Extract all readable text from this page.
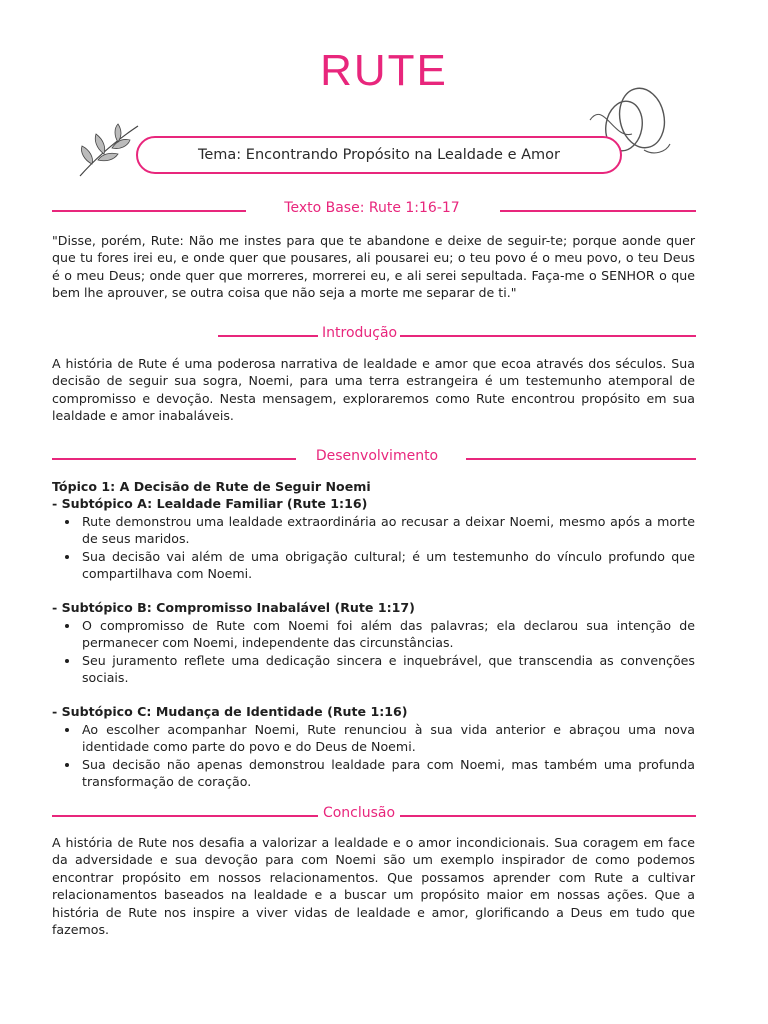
RUTE
Tema: Encontrando Propósito na Lealdade e Amor
Texto Base: Rute 1:16-17
"Disse, porém, Rute: Não me instes para que te abandone e deixe de seguir-te; porque aonde quer que tu fores irei eu, e onde quer que pousares, ali pousarei eu; o teu povo é o meu povo, o teu Deus é o meu Deus; onde quer que morreres, morrerei eu, e ali serei sepultada. Faça-me o SENHOR o que bem lhe aprouver, se outra coisa que não seja a morte me separar de ti."
Introdução
A história de Rute é uma poderosa narrativa de lealdade e amor que ecoa através dos séculos. Sua decisão de seguir sua sogra, Noemi, para uma terra estrangeira é um testemunho atemporal de compromisso e devoção. Nesta mensagem, exploraremos como Rute encontrou propósito em sua lealdade e amor inabaláveis.
Desenvolvimento
Tópico 1: A Decisão de Rute de Seguir Noemi
- Subtópico A: Lealdade Familiar (Rute 1:16)
• Rute demonstrou uma lealdade extraordinária ao recusar a deixar Noemi, mesmo após a morte de seus maridos.
• Sua decisão vai além de uma obrigação cultural; é um testemunho do vínculo profundo que compartilhava com Noemi.
- Subtópico B: Compromisso Inabalável (Rute 1:17)
• O compromisso de Rute com Noemi foi além das palavras; ela declarou sua intenção de permanecer com Noemi, independente das circunstâncias.
• Seu juramento reflete uma dedicação sincera e inquebrável, que transcendia as convenções sociais.
- Subtópico C: Mudança de Identidade (Rute 1:16)
• Ao escolher acompanhar Noemi, Rute renunciou à sua vida anterior e abraçou uma nova identidade como parte do povo e do Deus de Noemi.
• Sua decisão não apenas demonstrou lealdade para com Noemi, mas também uma profunda transformação de coração.
Conclusão
A história de Rute nos desafia a valorizar a lealdade e o amor incondicionais. Sua coragem em face da adversidade e sua devoção para com Noemi são um exemplo inspirador de como podemos encontrar propósito em nossos relacionamentos. Que possamos aprender com Rute a cultivar relacionamentos baseados na lealdade e a buscar um propósito maior em nossas ações. Que a história de Rute nos inspire a viver vidas de lealdade e amor, glorificando a Deus em tudo que fazemos.
